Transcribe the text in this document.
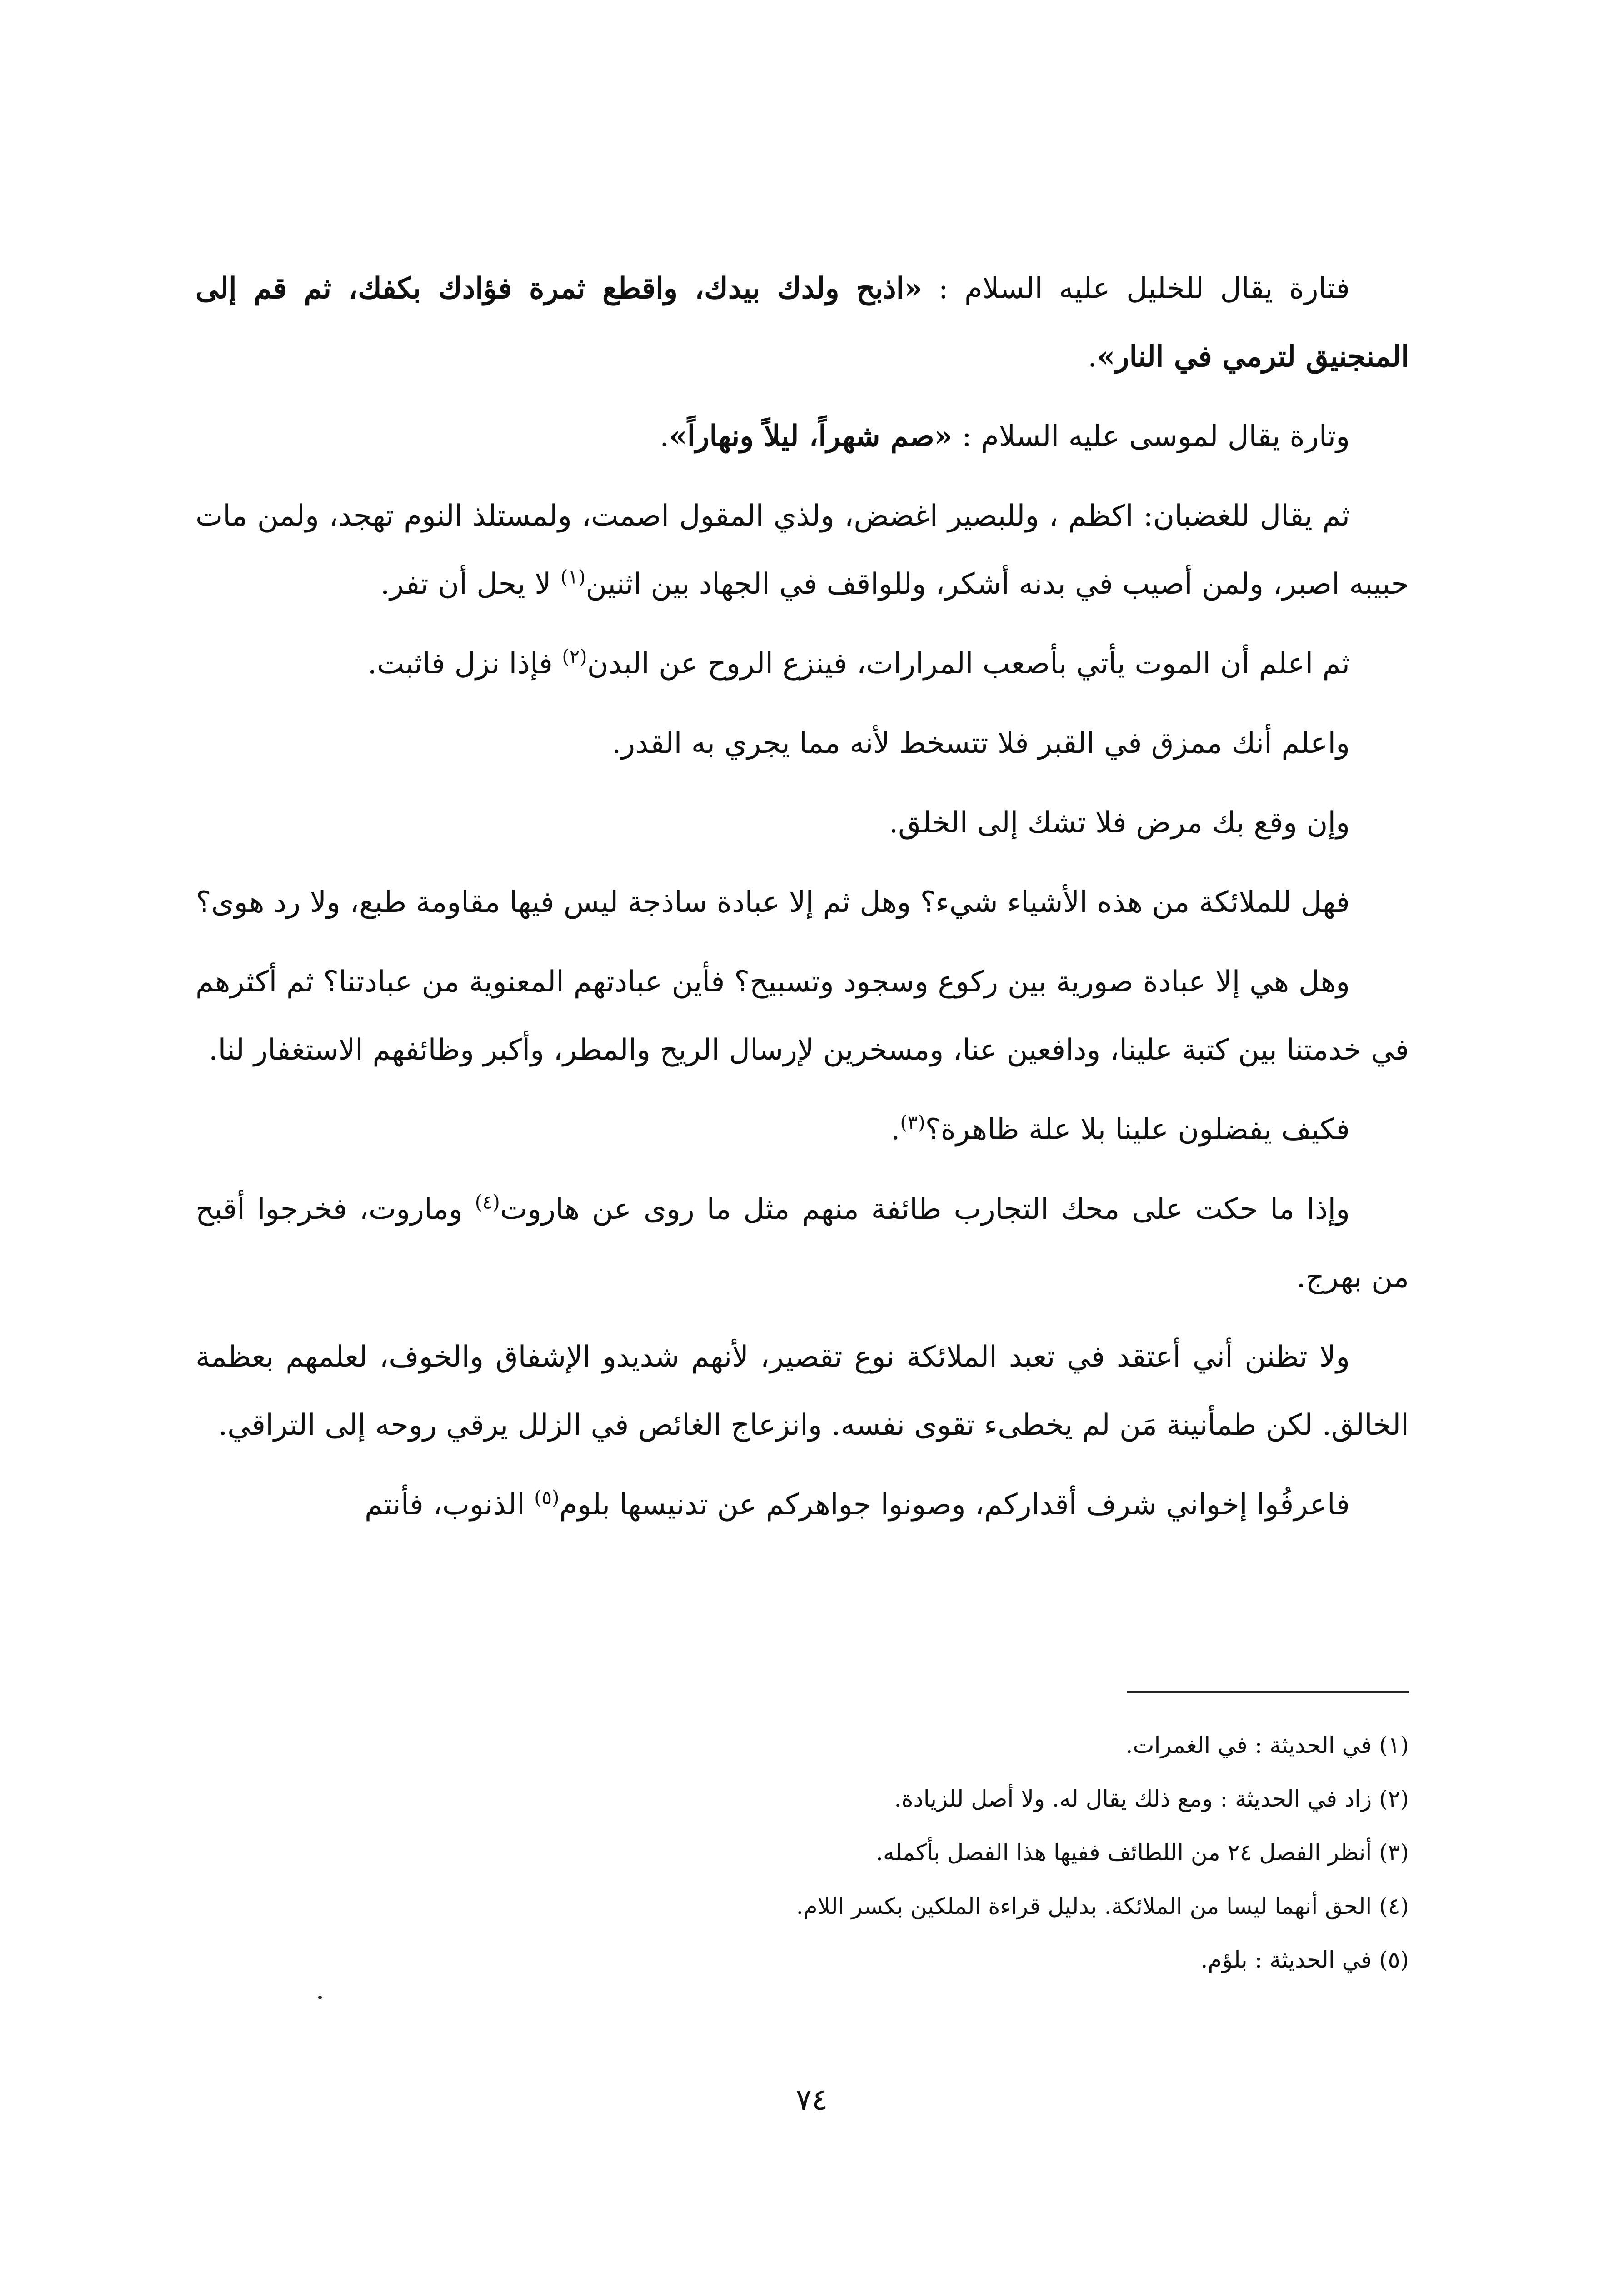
فتارة يقال للخليل عليه السلام : «اذبح ولدك بيدك، واقطع ثمرة فؤادك بكفك، ثم قم إلى المنجنيق لترمي في النار».

وتارة يقال لموسى عليه السلام : «صم شهراً، ليلاً ونهاراً».

ثم يقال للغضبان: اكظم ، وللبصير اغضض، ولذي المقول اصمت، ولمستلذ النوم تهجد، ولمن مات حبيبه اصبر، ولمن أصيب في بدنه أشكر، وللواقف في الجهاد بين اثنين$^{(١)}$ لا يحل أن تفر.

ثم اعلم أن الموت يأتي بأصعب المرارات، فينزع الروح عن البدن$^{(٢)}$ فإذا نزل فاثبت.

واعلم أنك ممزق في القبر فلا تتسخط لأنه مما يجري به القدر.

وإن وقع بك مرض فلا تشك إلى الخلق.

فهل للملائكة من هذه الأشياء شيء؟ وهل ثم إلا عبادة ساذجة ليس فيها مقاومة طبع، ولا رد هوى؟

وهل هي إلا عبادة صورية بين ركوع وسجود وتسبيح؟ فأين عبادتهم المعنوية من عبادتنا؟ ثم أكثرهم في خدمتنا بين كتبة علينا، ودافعين عنا، ومسخرين لإرسال الريح والمطر، وأكبر وظائفهم الاستغفار لنا.

فكيف يفضلون علينا بلا علة ظاهرة؟$^{(٣)}$.

وإذا ما حكت على محك التجارب طائفة منهم مثل ما روى عن هاروت$^{(٤)}$ وماروت، فخرجوا أقبح من بهرج.

ولا تظنن أني أعتقد في تعبد الملائكة نوع تقصير، لأنهم شديدو الإشفاق والخوف، لعلمهم بعظمة الخالق. لكن طمأنينة مَن لم يخطىء تقوى نفسه. وانزعاج الغائص في الزلل يرقي روحه إلى التراقي.

فاعرفُوا إخواني شرف أقداركم، وصونوا جواهركم عن تدنيسها بلوم$^{(٥)}$ الذنوب، فأنتم

(١) في الحديثة : في الغمرات.

(٢) زاد في الحديثة : ومع ذلك يقال له. ولا أصل للزيادة.

(٣) أنظر الفصل ٢٤ من اللطائف ففيها هذا الفصل بأكمله.

(٤) الحق أنهما ليسا من الملائكة. بدليل قراءة الملكين بكسر اللام.

(٥) في الحديثة : بلؤم.

٧٤
